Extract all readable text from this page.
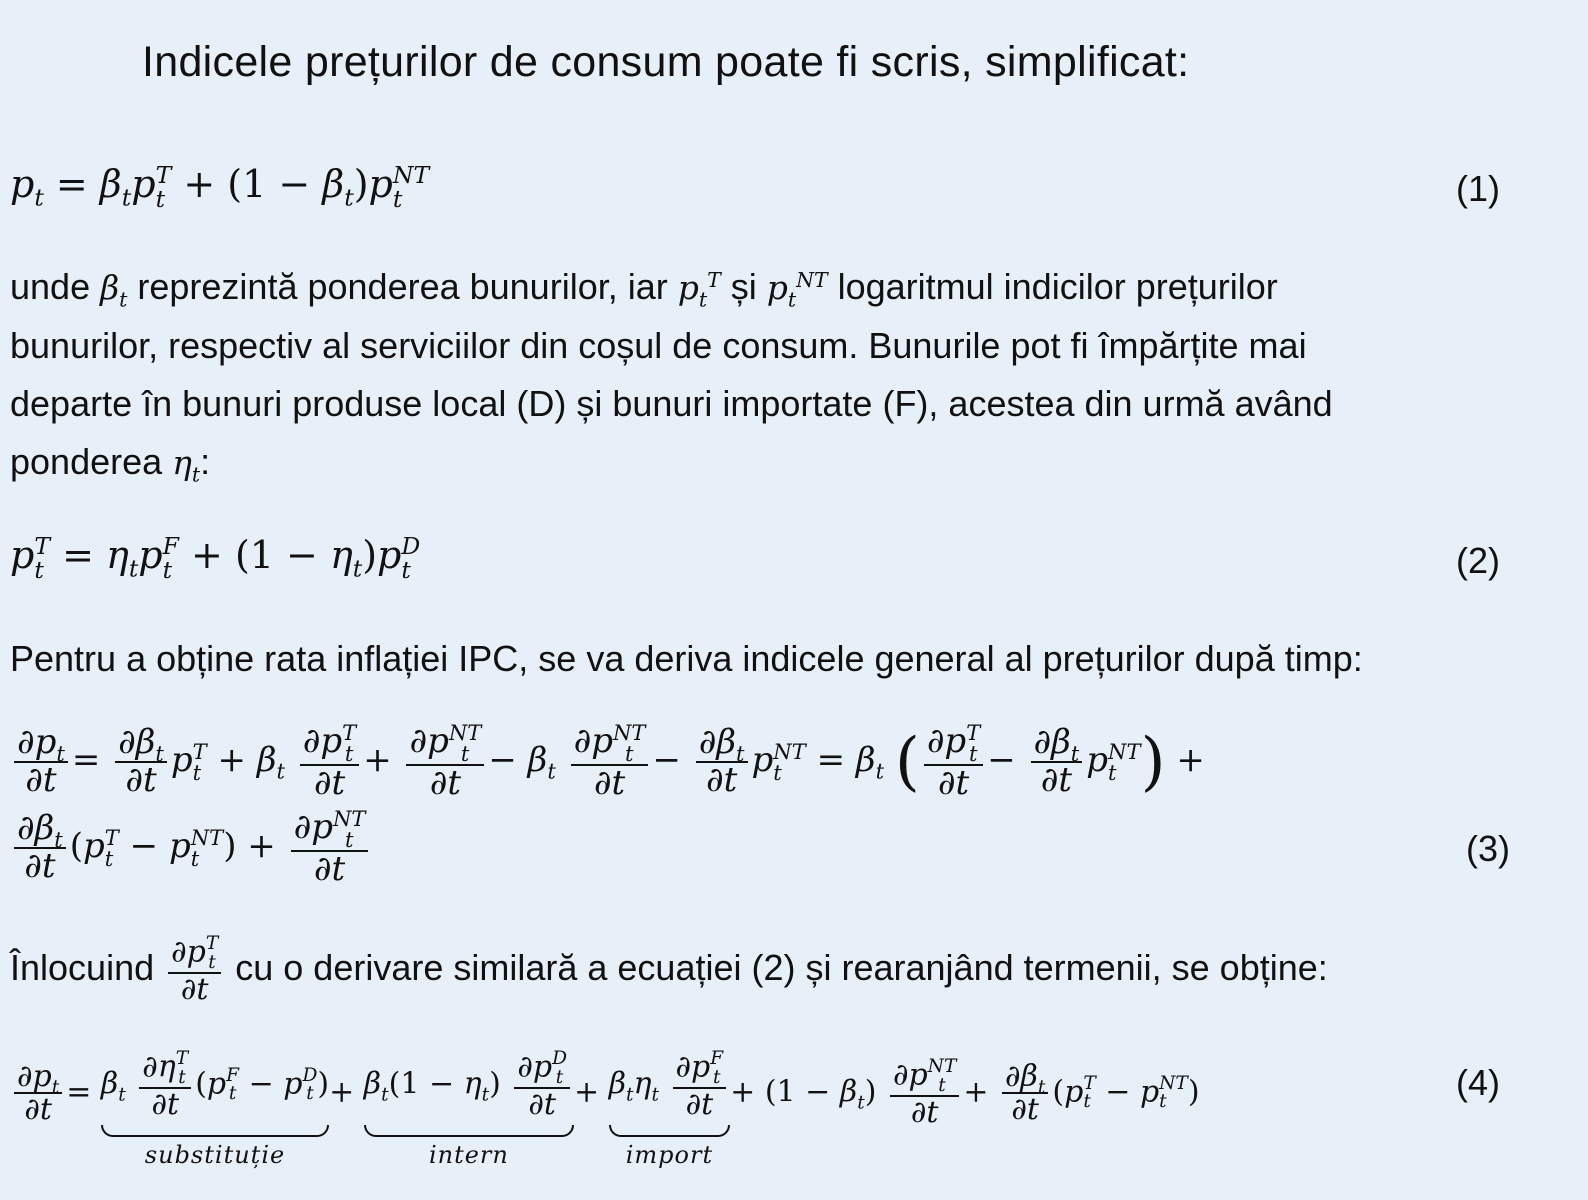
Indicele prețurilor de consum poate fi scris, simplificat:
$p_t = \beta_tp$ T
$t + (1 - \beta_t)p$ NT
t	(1)
unde $\beta_t$ reprezintă ponderea bunurilor, iar $p_t^T$ și $p_t^{NT}$ logaritmul indicilor prețurilor
bunurilor, respectiv al serviciilor din coșul de consum. Bunurile pot fi împărțite mai
departe în bunuri produse local (D) și bunuri importate (F), acestea din urmă având
ponderea $\eta_t$:
p T
$t = \eta_tp$ F
$t + (1 - \eta_t)p$ D
t	(2)
Pentru a obține rata inflației IPC, se va deriva indicele general al prețurilor după timp:
$\frac{\partial p_t}{\partial t} = \frac{\partial\beta_t}{\partial t}$ p T
$t + \beta_t$ ∂p T
t
∂t + ∂p NT
t
$\partial t - \beta_t$ ∂p NT
t
$\partial t - \frac{\partial\beta_t}{\partial t}$ p NT
$t = \beta_t$ ( ∂p T
t
$\partial t - \frac{\partial\beta_t}{\partial t}$ p NT
t ) +
$\frac{\partial\beta_t}{\partial t} (p$ T
t − p NT
t ) + ∂p NT
t
∂t	(3)
Înlocuind ∂p T
t
∂t cu o derivare similară a ecuației (2) și rearanjând termenii, se obține:
$\frac{\partial p_t}{\partial t} = \beta_t$ ∂η T
t
∂t (p F
t − p D
t )
substituție
+ $\beta_t(1 - \eta_t)$ ∂p D
t
∂t
intern
+ $\beta_t\eta_t$ ∂p F
t
∂t
import
+ $(1 - \beta_t)$ ∂p NT
t
$\partial t + \frac{\partial\beta_t}{\partial t} (p$ T
t − p NT
t )	(4)
